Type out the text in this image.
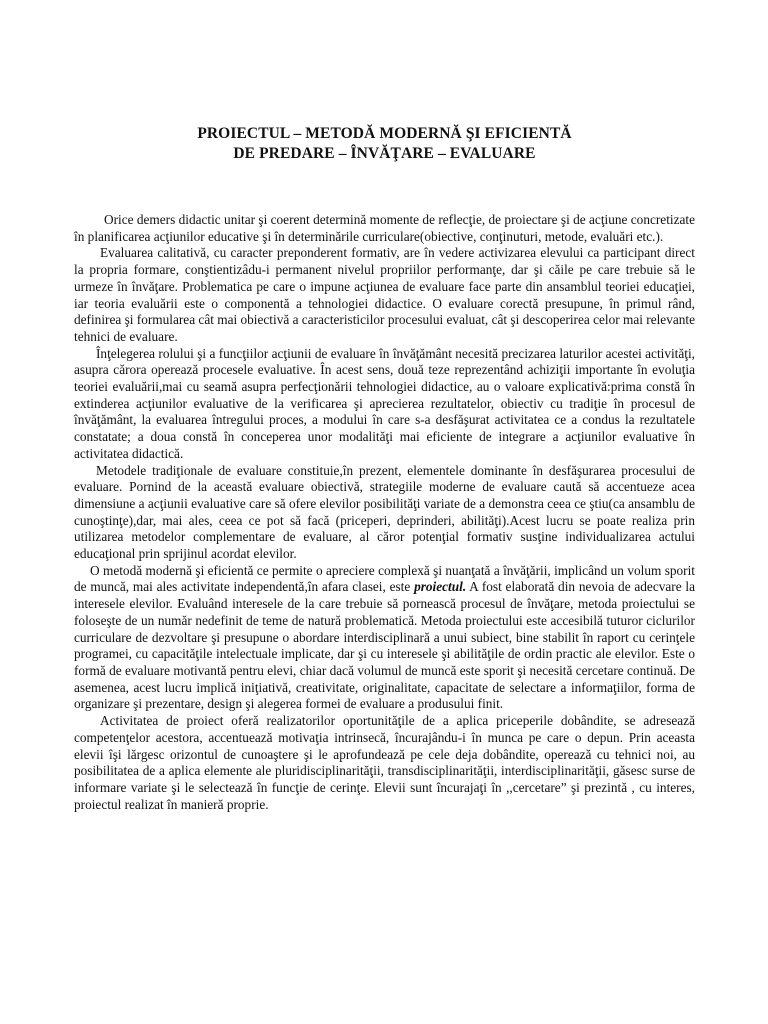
PROIECTUL – METODĂ MODERNĂ ŞI EFICIENTĂ
DE PREDARE – ÎNVĂŢARE – EVALUARE

Orice demers didactic unitar şi coerent determină momente de reflecţie, de proiectare şi de acţiune concretizate în planificarea acţiunilor educative şi în determinările curriculare(obiective, conţinuturi, metode, evaluări etc.).

Evaluarea calitativă, cu caracter preponderent formativ, are în vedere activizarea elevului ca participant direct la propria formare, conştientizâdu-i permanent nivelul propriilor performanţe, dar şi căile pe care trebuie să le urmeze în învăţare. Problematica pe care o impune acţiunea de evaluare face parte din ansamblul teoriei educaţiei, iar teoria evaluării este o componentă a tehnologiei didactice. O evaluare corectă presupune, în primul rând, definirea şi formularea cât mai obiectivă a caracteristicilor procesului evaluat, cât şi descoperirea celor mai relevante tehnici de evaluare.

Înţelegerea rolului şi a funcţiilor acţiunii de evaluare în învăţământ necesită precizarea laturilor acestei activităţi, asupra cărora operează procesele evaluative. În acest sens, două teze reprezentând achiziţii importante în evoluţia teoriei evaluării,mai cu seamă asupra perfecţionării tehnologiei didactice, au o valoare explicativă:prima constă în extinderea acţiunilor evaluative de la verificarea şi aprecierea rezultatelor, obiectiv cu tradiţie în procesul de învăţământ, la evaluarea întregului proces, a modului în care s-a desfăşurat activitatea ce a condus la rezultatele constatate; a doua constă în conceperea unor modalităţi mai eficiente de integrare a acţiunilor evaluative în activitatea didactică.

Metodele tradiţionale de evaluare constituie,în prezent, elementele dominante în desfăşurarea procesului de evaluare. Pornind de la această evaluare obiectivă, strategiile moderne de evaluare caută să accentueze acea dimensiune a acţiunii evaluative care să ofere elevilor posibilităţi variate de a demonstra ceea ce ştiu(ca ansamblu de cunoştinţe),dar, mai ales, ceea ce pot să facă (priceperi, deprinderi, abilităţi).Acest lucru se poate realiza prin utilizarea metodelor complementare de evaluare, al căror potenţial formativ susţine individualizarea actului educaţional prin sprijinul acordat elevilor.

O metodă modernă şi eficientă ce permite o apreciere complexă şi nuanţată a învăţării, implicând un volum sporit de muncă, mai ales activitate independentă,în afara clasei, este proiectul. A fost elaborată din nevoia de adecvare la interesele elevilor. Evaluând interesele de la care trebuie să pornească procesul de învăţare, metoda proiectului se foloseşte de un număr nedefinit de teme de natură problematică. Metoda proiectului este accesibilă tuturor ciclurilor curriculare de dezvoltare şi presupune o abordare interdisciplinară a unui subiect, bine stabilit în raport cu cerinţele programei, cu capacităţile intelectuale implicate, dar şi cu interesele şi abilităţile de ordin practic ale elevilor. Este o formă de evaluare motivantă pentru elevi, chiar dacă volumul de muncă este sporit şi necesită cercetare continuă. De asemenea, acest lucru implică iniţiativă, creativitate, originalitate, capacitate de selectare a informaţiilor, forma de organizare şi prezentare, design şi alegerea formei de evaluare a produsului finit.

Activitatea de proiect oferă realizatorilor oportunităţile de a aplica priceperile dobândite, se adresează competenţelor acestora, accentuează motivaţia intrinsecă, încurajându-i în munca pe care o depun. Prin aceasta elevii îşi lărgesc orizontul de cunoaştere şi le aprofundează pe cele deja dobândite, operează cu tehnici noi, au posibilitatea de a aplica elemente ale pluridisciplinarităţii, transdisciplinarităţii, interdisciplinarităţii, găsesc surse de informare variate şi le selectează în funcţie de cerinţe. Elevii sunt încurajaţi în ,,cercetare” şi prezintă , cu interes, proiectul realizat în manieră proprie.
